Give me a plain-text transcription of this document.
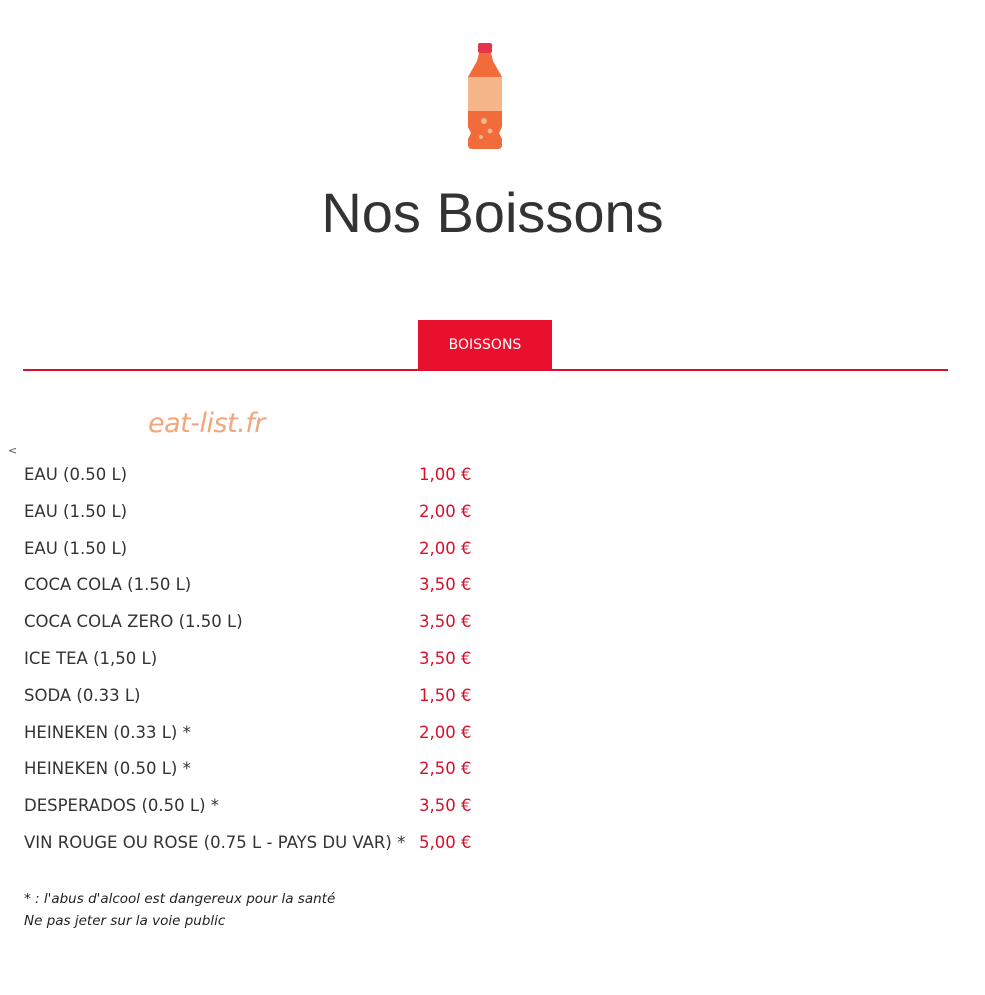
Nos Boissons
BOISSONS
eat-list.fr
<
EAU (0.50 L)	1,00 €
EAU (1.50 L)	2,00 €
EAU (1.50 L)	2,00 €
COCA COLA (1.50 L)	3,50 €
COCA COLA ZERO (1.50 L)	3,50 €
ICE TEA (1,50 L)	3,50 €
SODA (0.33 L)	1,50 €
HEINEKEN (0.33 L) *	2,00 €
HEINEKEN (0.50 L) *	2,50 €
DESPERADOS (0.50 L) *	3,50 €
VIN ROUGE OU ROSE (0.75 L - PAYS DU VAR) * 5,00 €
* : l'abus d'alcool est dangereux pour la santé
Ne pas jeter sur la voie public
